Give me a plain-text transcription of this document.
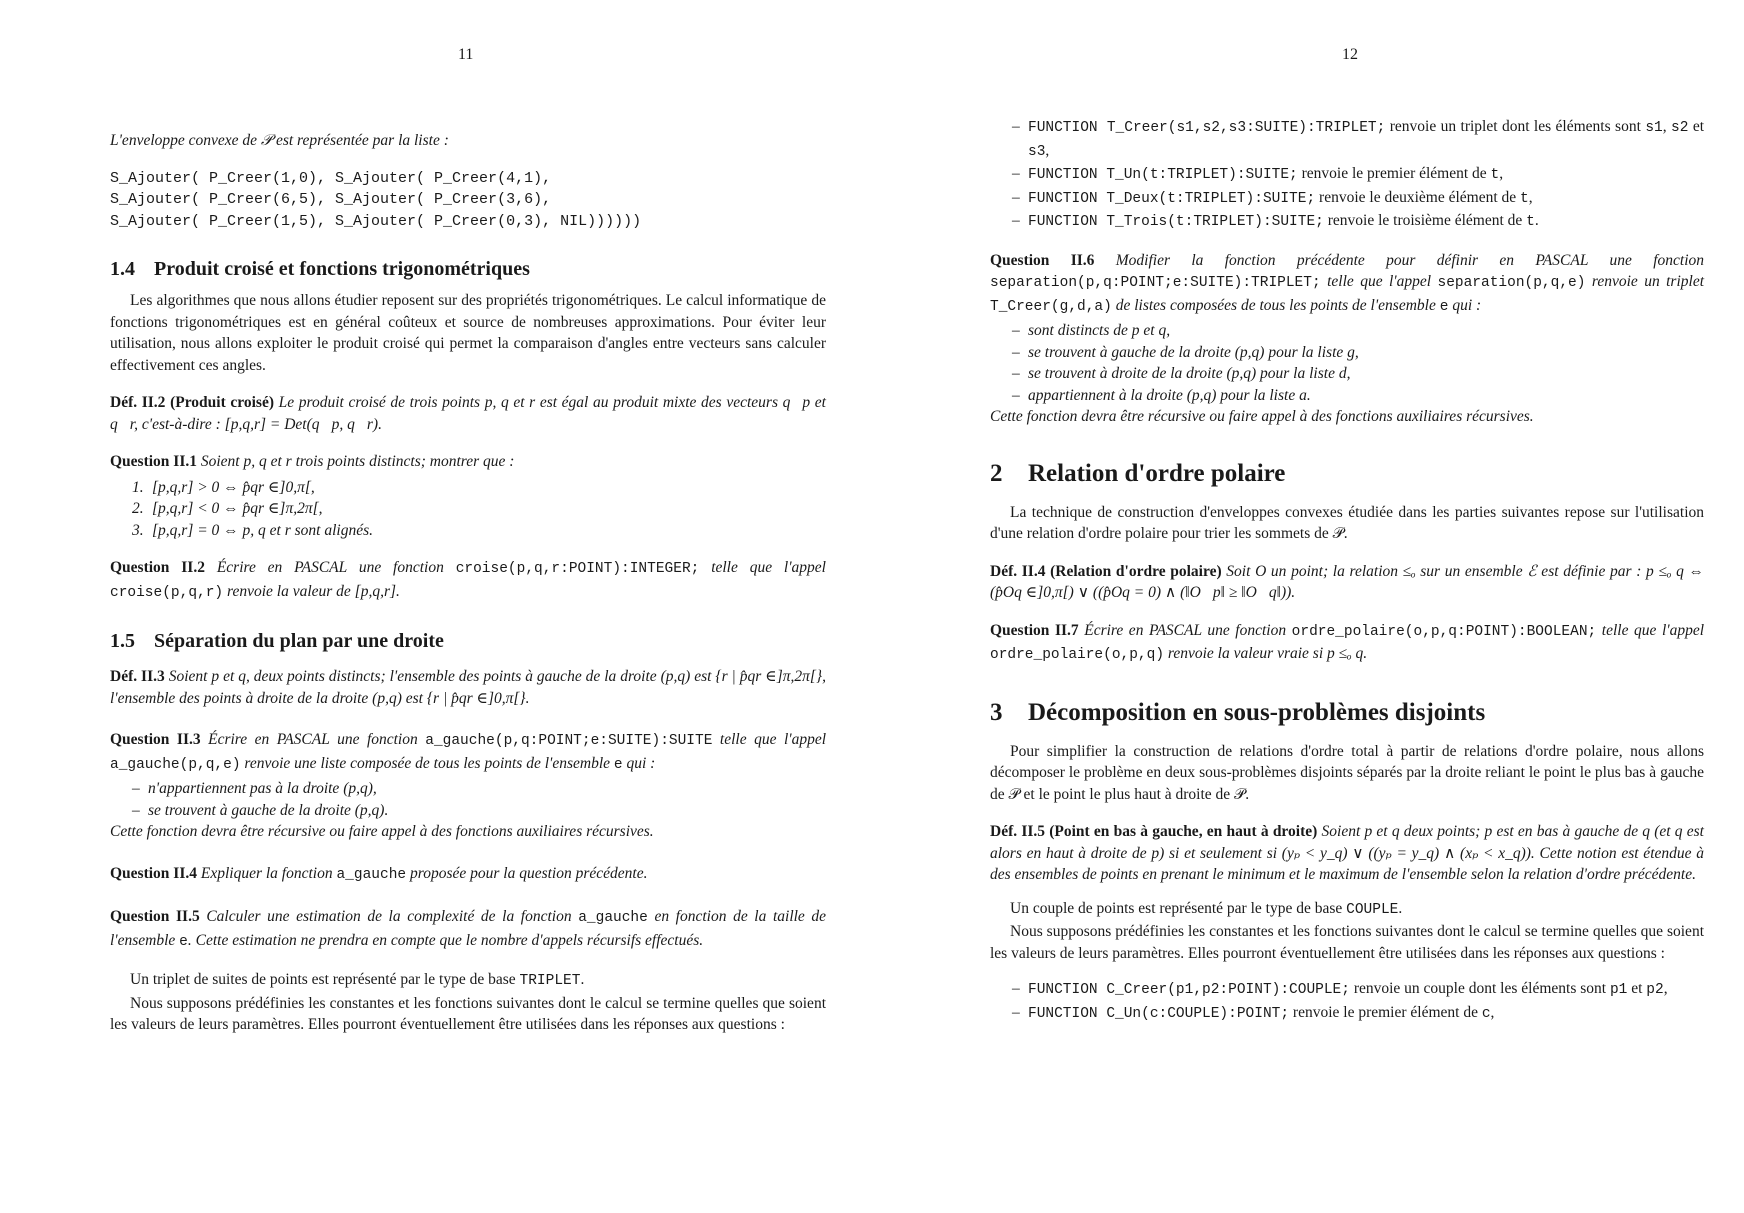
11

L'enveloppe convexe de 𝒫 est représentée par la liste :

S_Ajouter( P_Creer(1,0), S_Ajouter( P_Creer(4,1),
S_Ajouter( P_Creer(6,5), S_Ajouter( P_Creer(3,6),
S_Ajouter( P_Creer(1,5), S_Ajouter( P_Creer(0,3), NIL))))))
1.4 Produit croisé et fonctions trigonométriques

Les algorithmes que nous allons étudier reposent sur des propriétés trigonométriques. Le calcul informatique de fonctions trigonométriques est en général coûteux et source de nombreuses approximations. Pour éviter leur utilisation, nous allons exploiter le produit croisé qui permet la comparaison d'angles entre vecteurs sans calculer effectivement ces angles.

Déf. II.2 (Produit croisé) Le produit croisé de trois points p, q et r est égal au produit mixte des vecteurs q⃗p et q⃗r, c'est-à-dire : [p,q,r] = Det(q⃗p, q⃗r).

Question II.1 Soient p, q et r trois points distincts; montrer que :

1. [p,q,r] > 0 ⇔ p̂qr ∈]0,π[,
2. [p,q,r] < 0 ⇔ p̂qr ∈]π,2π[,
3. [p,q,r] = 0 ⇔ p, q et r sont alignés.

Question II.2 Écrire en PASCAL une fonction croise(p,q,r:POINT):INTEGER; telle que l'appel croise(p,q,r) renvoie la valeur de [p,q,r].

1.5 Séparation du plan par une droite

Déf. II.3 Soient p et q, deux points distincts; l'ensemble des points à gauche de la droite (p,q) est {r | p̂qr ∈]π,2π[}, l'ensemble des points à droite de la droite (p,q) est {r | p̂qr ∈]0,π[}.

Question II.3 Écrire en PASCAL une fonction a_gauche(p,q:POINT;e:SUITE):SUITE telle que l'appel a_gauche(p,q,e) renvoie une liste composée de tous les points de l'ensemble e qui :

– n'appartiennent pas à la droite (p,q),
– se trouvent à gauche de la droite (p,q).

Cette fonction devra être récursive ou faire appel à des fonctions auxiliaires récursives.

Question II.4 Expliquer la fonction a_gauche proposée pour la question précédente.

Question II.5 Calculer une estimation de la complexité de la fonction a_gauche en fonction de la taille de l'ensemble e. Cette estimation ne prendra en compte que le nombre d'appels récursifs effectués.

Un triplet de suites de points est représenté par le type de base TRIPLET.

Nous supposons prédéfinies les constantes et les fonctions suivantes dont le calcul se termine quelles que soient les valeurs de leurs paramètres. Elles pourront éventuellement être utilisées dans les réponses aux questions :

12
– FUNCTION T_Creer(s1,s2,s3:SUITE):TRIPLET; renvoie un triplet dont les éléments sont s1, s2 et s3,
– FUNCTION T_Un(t:TRIPLET):SUITE; renvoie le premier élément de t,
– FUNCTION T_Deux(t:TRIPLET):SUITE; renvoie le deuxième élément de t,
– FUNCTION T_Trois(t:TRIPLET):SUITE; renvoie le troisième élément de t.

Question II.6 Modifier la fonction précédente pour définir en PASCAL une fonction separation(p,q:POINT;e:SUITE):TRIPLET; telle que l'appel separation(p,q,e) renvoie un triplet T_Creer(g,d,a) de listes composées de tous les points de l'ensemble e qui :

– sont distincts de p et q,
– se trouvent à gauche de la droite (p,q) pour la liste g,
– se trouvent à droite de la droite (p,q) pour la liste d,
– appartiennent à la droite (p,q) pour la liste a.

Cette fonction devra être récursive ou faire appel à des fonctions auxiliaires récursives.

2 Relation d'ordre polaire

La technique de construction d'enveloppes convexes étudiée dans les parties suivantes repose sur l'utilisation d'une relation d'ordre polaire pour trier les sommets de 𝒫.

Déf. II.4 (Relation d'ordre polaire) Soit O un point; la relation ≤ₒ sur un ensemble ℰ est définie par : p ≤ₒ q ⇔ (p̂Oq ∈]0,π[) ∨ ((p̂Oq = 0) ∧ (‖O⃗p‖ ≥ ‖O⃗q‖)).

Question II.7 Écrire en PASCAL une fonction ordre_polaire(o,p,q:POINT):BOOLEAN; telle que l'appel ordre_polaire(o,p,q) renvoie la valeur vraie si p ≤ₒ q.

3 Décomposition en sous-problèmes disjoints

Pour simplifier la construction de relations d'ordre total à partir de relations d'ordre polaire, nous allons décomposer le problème en deux sous-problèmes disjoints séparés par la droite reliant le point le plus bas à gauche de 𝒫 et le point le plus haut à droite de 𝒫.

Déf. II.5 (Point en bas à gauche, en haut à droite) Soient p et q deux points; p est en bas à gauche de q (et q est alors en haut à droite de p) si et seulement si (yₚ < y_q) ∨ ((yₚ = y_q) ∧ (xₚ < x_q)). Cette notion est étendue à des ensembles de points en prenant le minimum et le maximum de l'ensemble selon la relation d'ordre précédente.

Un couple de points est représenté par le type de base COUPLE.

Nous supposons prédéfinies les constantes et les fonctions suivantes dont le calcul se termine quelles que soient les valeurs de leurs paramètres. Elles pourront éventuellement être utilisées dans les réponses aux questions :

– FUNCTION C_Creer(p1,p2:POINT):COUPLE; renvoie un couple dont les éléments sont p1 et p2,
– FUNCTION C_Un(c:COUPLE):POINT; renvoie le premier élément de c,
